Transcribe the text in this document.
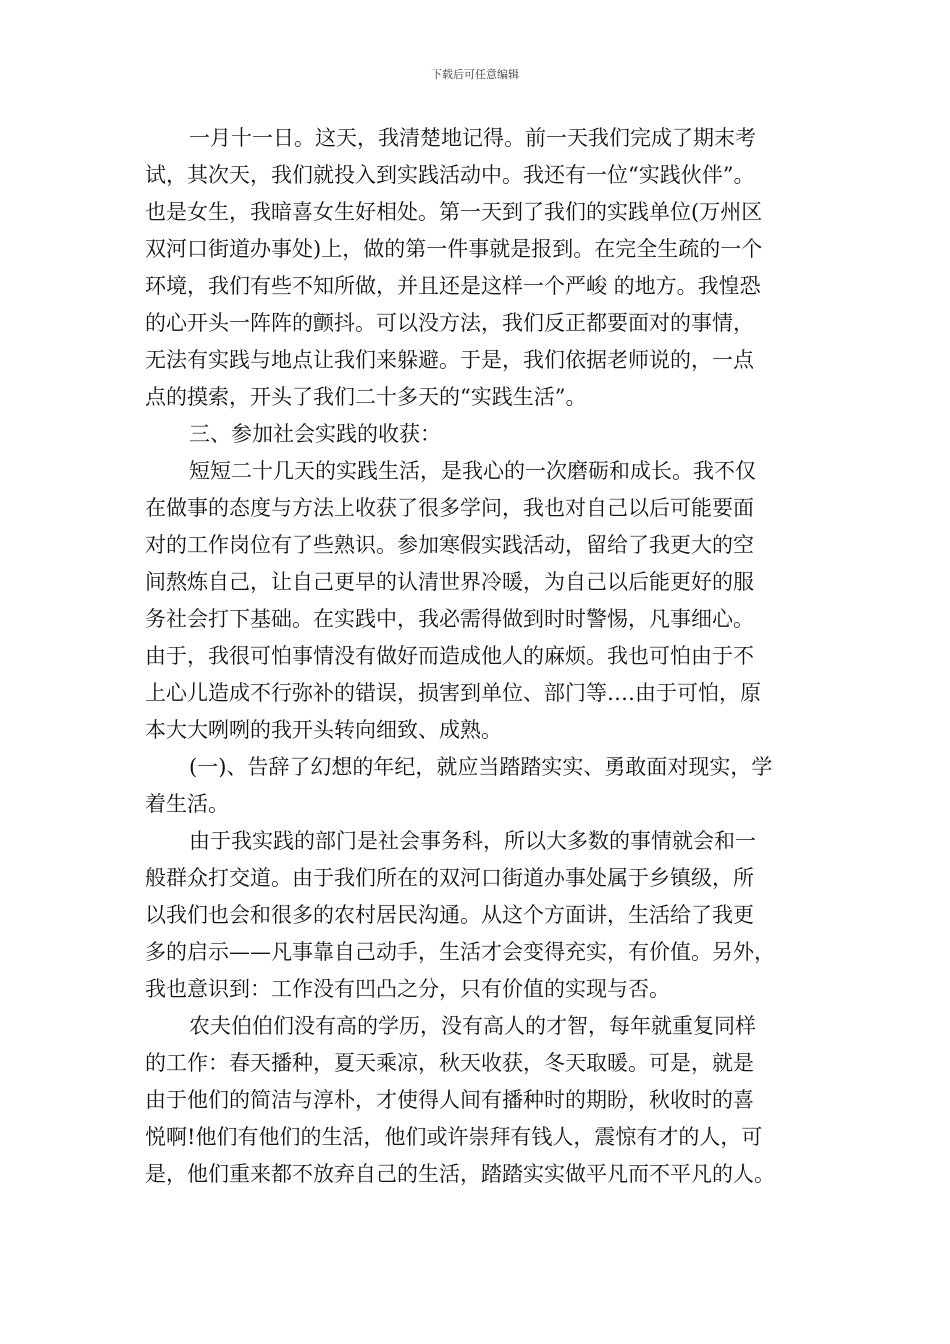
下载后可任意编辑
一月十一日。这天，我清楚地记得。前一天我们完成了期末考
试，其次天，我们就投入到实践活动中。我还有一位“实践伙伴”。
也是女生，我暗喜女生好相处。第一天到了我们的实践单位(万州区
双河口街道办事处)上，做的第一件事就是报到。在完全生疏的一个
环境，我们有些不知所做，并且还是这样一个严峻 的地方。我惶恐
的心开头一阵阵的颤抖。可以没方法，我们反正都要面对的事情，
无法有实践与地点让我们来躲避。于是，我们依据老师说的，一点
点的摸索，开头了我们二十多天的“实践生活”。
三、参加社会实践的收获：
短短二十几天的实践生活，是我心的一次磨砺和成长。我不仅
在做事的态度与方法上收获了很多学问，我也对自己以后可能要面
对的工作岗位有了些熟识。参加寒假实践活动，留给了我更大的空
间熬炼自己，让自己更早的认清世界冷暖，为自己以后能更好的服
务社会打下基础。在实践中，我必需得做到时时警惕，凡事细心。
由于，我很可怕事情没有做好而造成他人的麻烦。我也可怕由于不
上心儿造成不行弥补的错误，损害到单位、部门等‥‥由于可怕，原
本大大咧咧的我开头转向细致、成熟。
(一)、告辞了幻想的年纪，就应当踏踏实实、勇敢面对现实，学
着生活。
由于我实践的部门是社会事务科，所以大多数的事情就会和一
般群众打交道。由于我们所在的双河口街道办事处属于乡镇级，所
以我们也会和很多的农村居民沟通。从这个方面讲，生活给了我更
多的启示——凡事靠自己动手，生活才会变得充实，有价值。另外，
我也意识到：工作没有凹凸之分，只有价值的实现与否。
农夫伯伯们没有高的学历，没有高人的才智，每年就重复同样
的工作：春天播种，夏天乘凉，秋天收获，冬天取暖。可是，就是
由于他们的简洁与淳朴，才使得人间有播种时的期盼，秋收时的喜
悦啊!他们有他们的生活，他们或许崇拜有钱人，震惊有才的人，可
是，他们重来都不放弃自己的生活，踏踏实实做平凡而不平凡的人。
